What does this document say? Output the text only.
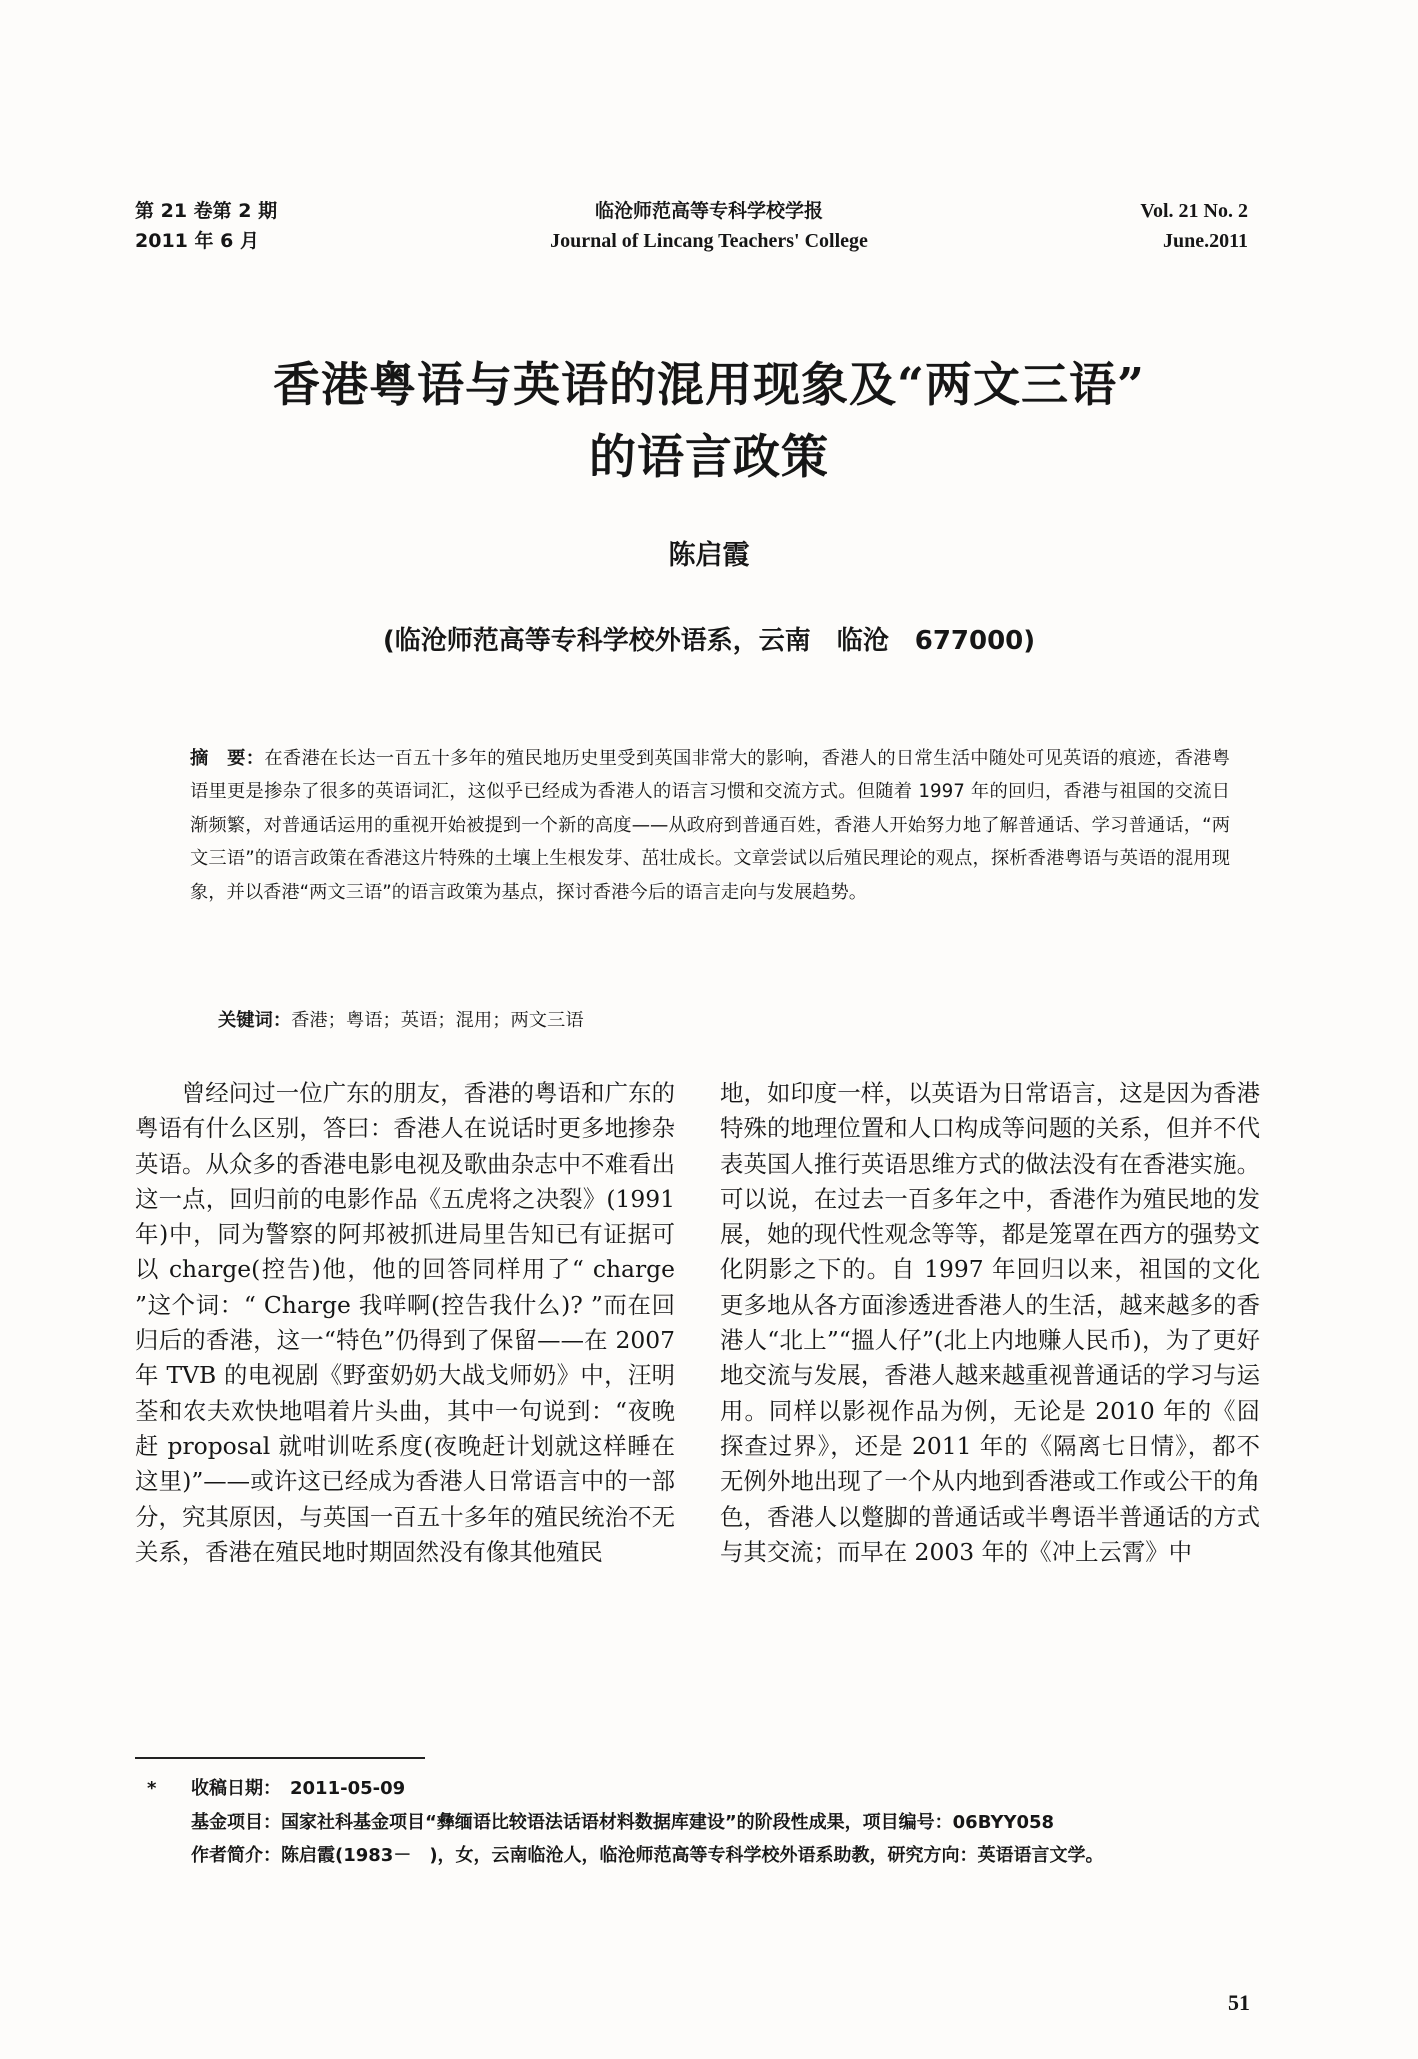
第 21 卷第 2 期
2011 年 6 月
临沧师范高等专科学校学报
Journal of Lincang Teachers' College
Vol. 21 No. 2
June.2011
香港粤语与英语的混用现象及“两文三语”
的语言政策
陈启霞
(临沧师范高等专科学校外语系，云南　临沧　677000)
摘　要：在香港在长达一百五十多年的殖民地历史里受到英国非常大的影响，香港人的日常生活中随处可见英语的痕迹，香港粤语里更是掺杂了很多的英语词汇，这似乎已经成为香港人的语言习惯和交流方式。但随着 1997 年的回归，香港与祖国的交流日渐频繁，对普通话运用的重视开始被提到一个新的高度——从政府到普通百姓，香港人开始努力地了解普通话、学习普通话，“两文三语”的语言政策在香港这片特殊的土壤上生根发芽、茁壮成长。文章尝试以后殖民理论的观点，探析香港粤语与英语的混用现象，并以香港“两文三语”的语言政策为基点，探讨香港今后的语言走向与发展趋势。
关键词：香港；粤语；英语；混用；两文三语

曾经问过一位广东的朋友，香港的粤语和广东的粤语有什么区别，答曰：香港人在说话时更多地掺杂英语。从众多的香港电影电视及歌曲杂志中不难看出这一点，回归前的电影作品《五虎将之决裂》(1991 年)中，同为警察的阿邦被抓进局里告知已有证据可以 charge(控告)他，他的回答同样用了“ charge ”这个词：“ Charge 我咩啊(控告我什么)? ”而在回归后的香港，这一“特色”仍得到了保留——在 2007 年 TVB 的电视剧《野蛮奶奶大战戈师奶》中，汪明荃和农夫欢快地唱着片头曲，其中一句说到：“夜晚赶 proposal 就咁训咗系度(夜晚赶计划就这样睡在这里)”——或许这已经成为香港人日常语言中的一部分，究其原因，与英国一百五十多年的殖民统治不无关系，香港在殖民地时期固然没有像其他殖民

地，如印度一样，以英语为日常语言，这是因为香港特殊的地理位置和人口构成等问题的关系，但并不代表英国人推行英语思维方式的做法没有在香港实施。可以说，在过去一百多年之中，香港作为殖民地的发展，她的现代性观念等等，都是笼罩在西方的强势文化阴影之下的。自 1997 年回归以来，祖国的文化更多地从各方面渗透进香港人的生活，越来越多的香港人“北上”“搵人仔”(北上内地赚人民币)，为了更好地交流与发展，香港人越来越重视普通话的学习与运用。同样以影视作品为例，无论是 2010 年的《囧探查过界》，还是 2011 年的《隔离七日情》，都不无例外地出现了一个从内地到香港或工作或公干的角色，香港人以蹩脚的普通话或半粤语半普通话的方式与其交流；而早在 2003 年的《冲上云霄》中

* 收稿日期：　2011-05-09
基金项目：国家社科基金项目“彝缅语比较语法话语材料数据库建设”的阶段性成果，项目编号：06BYY058
作者简介：陈启霞(1983－　)，女，云南临沧人，临沧师范高等专科学校外语系助教，研究方向：英语语言文学。
51
